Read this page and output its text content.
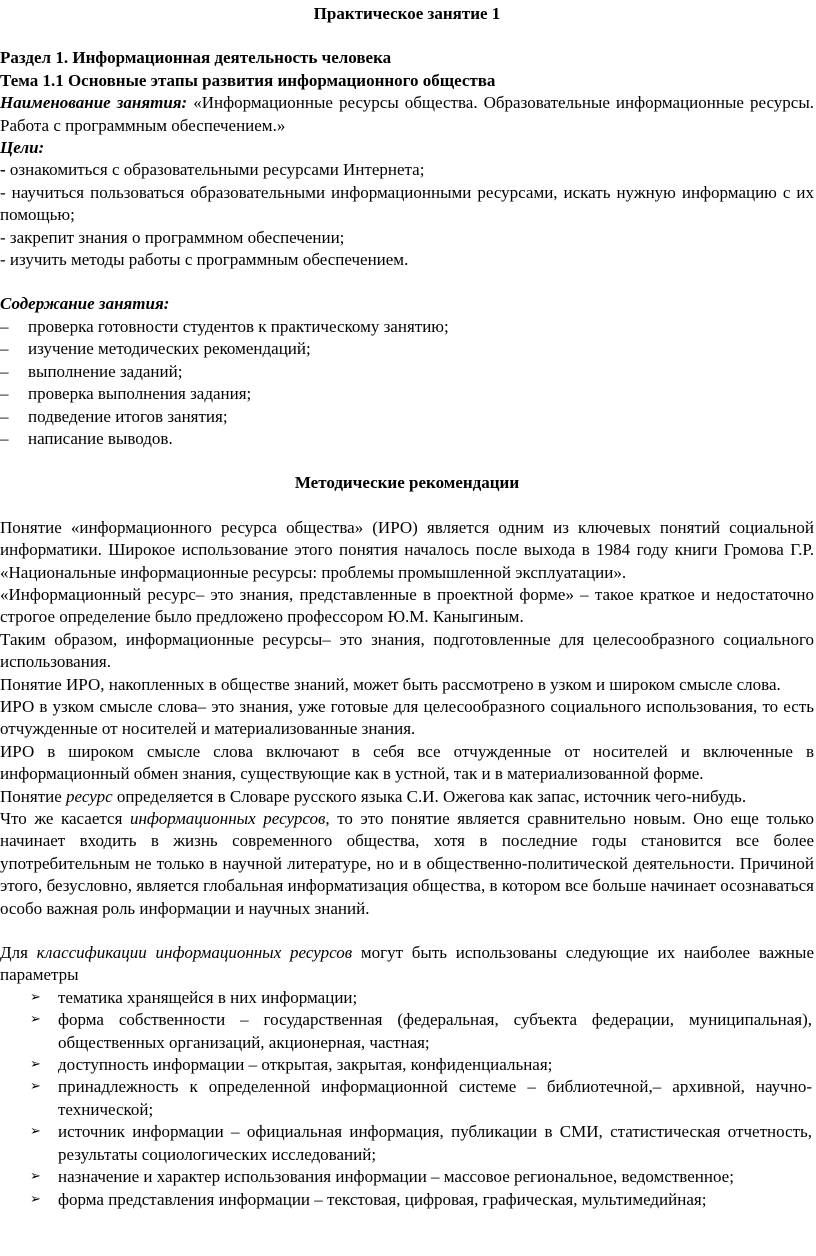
Практическое занятие 1
Раздел 1. Информационная деятельность человека
Тема 1.1 Основные этапы развития информационного общества

Наименование занятия: «Информационные ресурсы общества. Образовательные информационные ресурсы. Работа с программным обеспечением.»

Цели:

- ознакомиться с образовательными ресурсами Интернета;

- научиться пользоваться образовательными информационными ресурсами, искать нужную информацию с их помощью;

- закрепит знания о программном обеспечении;

- изучить методы работы с программным обеспечением.

Содержание занятия:
– проверка готовности студентов к практическому занятию;
– изучение методических рекомендаций;
– выполнение заданий;
– проверка выполнения задания;
– подведение итогов занятия;
– написание выводов.
Методические рекомендации

Понятие «информационного ресурса общества» (ИРО) является одним из ключевых понятий социальной информатики. Широкое использование этого понятия началось после выхода в 1984 году книги Громова Г.Р. «Национальные информационные ресурсы: проблемы промышленной эксплуатации».

«Информационный ресурс– это знания, представленные в проектной форме» – такое краткое и недостаточно строгое определение было предложено профессором Ю.М. Каныгиным.

Таким образом, информационные ресурсы– это знания, подготовленные для целесообразного социального использования.

Понятие ИРО, накопленных в обществе знаний, может быть рассмотрено в узком и широком смысле слова.

ИРО в узком смысле слова– это знания, уже готовые для целесообразного социального использования, то есть отчужденные от носителей и материализованные знания.

ИРО в широком смысле слова включают в себя все отчужденные от носителей и включенные в информационный обмен знания, существующие как в устной, так и в материализованной форме.

Понятие ресурс определяется в Словаре русского языка С.И. Ожегова как запас, источник чего-нибудь.

Что же касается информационных ресурсов, то это понятие является сравнительно новым. Оно еще только начинает входить в жизнь современного общества, хотя в последние годы становится все более употребительным не только в научной литературе, но и в общественно-политической деятельности. Причиной этого, безусловно, является глобальная информатизация общества, в котором все больше начинает осознаваться особо важная роль информации и научных знаний.

Для классификации информационных ресурсов могут быть использованы следующие их наиболее важные параметры

➢ тематика хранящейся в них информации;
➢ форма собственности – государственная (федеральная, субъекта федерации, муниципальная), общественных организаций, акционерная, частная;
➢ доступность информации – открытая, закрытая, конфиденциальная;
➢ принадлежность к определенной информационной системе – библиотечной,– архивной, научно-технической;
➢ источник информации – официальная информация, публикации в СМИ, статистическая отчетность, результаты социологических исследований;
➢ назначение и характер использования информации – массовое региональное, ведомственное;
➢ форма представления информации – текстовая, цифровая, графическая, мультимедийная;
